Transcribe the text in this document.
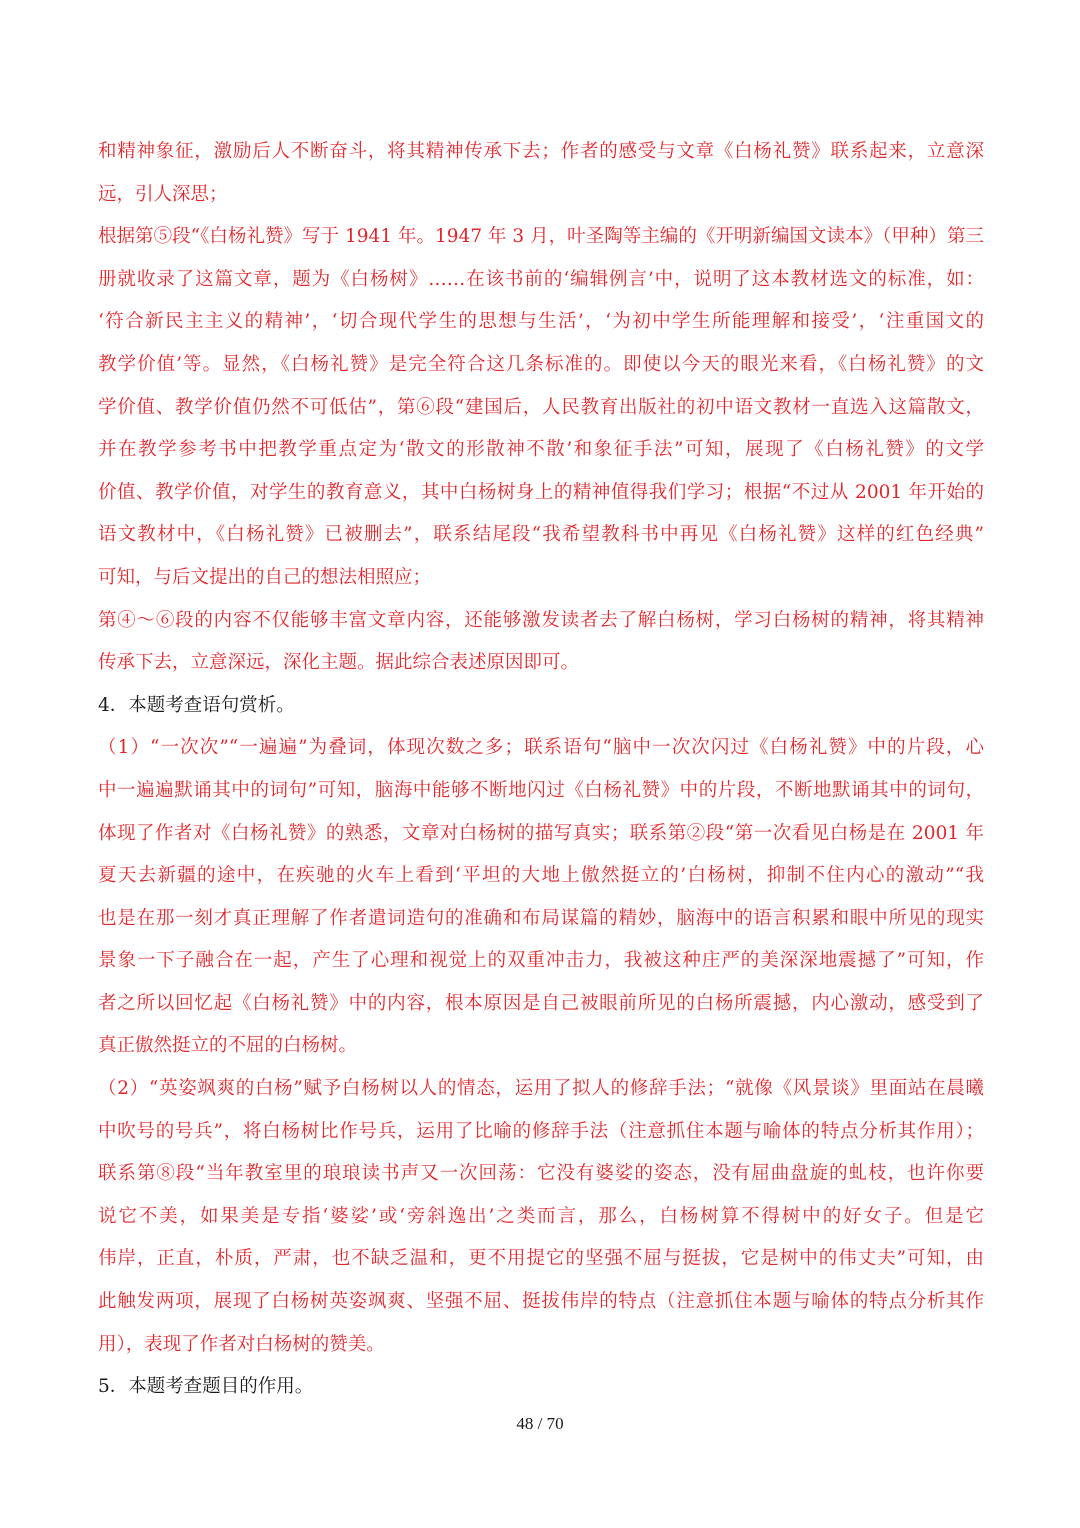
和精神象征，激励后人不断奋斗，将其精神传承下去；作者的感受与文章《白杨礼赞》联系起来，立意深
远，引人深思；
根据第⑤段“《白杨礼赞》写于 1941 年。1947 年 3 月，叶圣陶等主编的《开明新编国文读本》（甲种）第三
册就收录了这篇文章，题为《白杨树》……在该书前的‘编辑例言’中，说明了这本教材选文的标准，如：
‘符合新民主主义的精神’，‘切合现代学生的思想与生活’，‘为初中学生所能理解和接受’，‘注重国文的
教学价值’等。显然，《白杨礼赞》是完全符合这几条标准的。即使以今天的眼光来看，《白杨礼赞》的文
学价值、教学价值仍然不可低估”，第⑥段“建国后，人民教育出版社的初中语文教材一直选入这篇散文，
并在教学参考书中把教学重点定为‘散文的形散神不散’和象征手法”可知，展现了《白杨礼赞》的文学
价值、教学价值，对学生的教育意义，其中白杨树身上的精神值得我们学习；根据“不过从 2001 年开始的
语文教材中，《白杨礼赞》已被删去”，联系结尾段“我希望教科书中再见《白杨礼赞》这样的红色经典”
可知，与后文提出的自己的想法相照应；
第④～⑥段的内容不仅能够丰富文章内容，还能够激发读者去了解白杨树，学习白杨树的精神，将其精神
传承下去，立意深远，深化主题。据此综合表述原因即可。
4．本题考查语句赏析。
（1）“一次次”“一遍遍”为叠词，体现次数之多；联系语句“脑中一次次闪过《白杨礼赞》中的片段，心
中一遍遍默诵其中的词句”可知，脑海中能够不断地闪过《白杨礼赞》中的片段，不断地默诵其中的词句，
体现了作者对《白杨礼赞》的熟悉，文章对白杨树的描写真实；联系第②段“第一次看见白杨是在 2001 年
夏天去新疆的途中，在疾驰的火车上看到‘平坦的大地上傲然挺立的’白杨树，抑制不住内心的激动”“我
也是在那一刻才真正理解了作者遣词造句的准确和布局谋篇的精妙，脑海中的语言积累和眼中所见的现实
景象一下子融合在一起，产生了心理和视觉上的双重冲击力，我被这种庄严的美深深地震撼了”可知，作
者之所以回忆起《白杨礼赞》中的内容，根本原因是自己被眼前所见的白杨所震撼，内心激动，感受到了
真正傲然挺立的不屈的白杨树。
（2）“英姿飒爽的白杨”赋予白杨树以人的情态，运用了拟人的修辞手法；“就像《风景谈》里面站在晨曦
中吹号的号兵”，将白杨树比作号兵，运用了比喻的修辞手法（注意抓住本题与喻体的特点分析其作用）；
联系第⑧段“当年教室里的琅琅读书声又一次回荡：它没有婆娑的姿态，没有屈曲盘旋的虬枝，也许你要
说它不美，如果美是专指‘婆娑’或‘旁斜逸出’之类而言，那么，白杨树算不得树中的好女子。但是它
伟岸，正直，朴质，严肃，也不缺乏温和，更不用提它的坚强不屈与挺拔，它是树中的伟丈夫”可知，由
此触发两项，展现了白杨树英姿飒爽、坚强不屈、挺拔伟岸的特点（注意抓住本题与喻体的特点分析其作
用），表现了作者对白杨树的赞美。
5．本题考查题目的作用。
48 / 70
